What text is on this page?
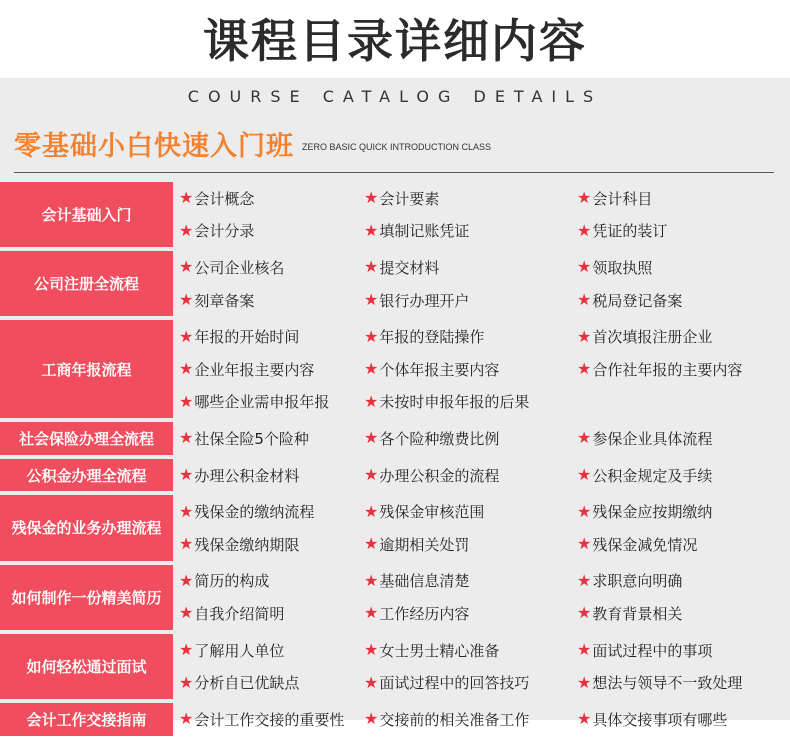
课程目录详细内容
COURSE CATALOG DETAILS
零基础小白快速入门班 ZERO BASIC QUICK INTRODUCTION CLASS
会计基础入门
★ 会计概念	★ 会计要素	★ 会计科目
★ 会计分录	★ 填制记账凭证	★ 凭证的装订
公司注册全流程
★ 公司企业核名	★ 提交材料	★ 领取执照
★ 刻章备案	★ 银行办理开户	★ 税局登记备案
工商年报流程
★ 年报的开始时间	★ 年报的登陆操作	★ 首次填报注册企业
★ 企业年报主要内容	★ 个体年报主要内容	★ 合作社年报的主要内容
★ 哪些企业需申报年报 ★ 未按时申报年报的后果
社会保险办理全流程	★ 社保全险5个险种	★ 各个险种缴费比例	★ 参保企业具体流程
公积金办理全流程	★ 办理公积金材料	★ 办理公积金的流程	★ 公积金规定及手续
残保金的业务办理流程
★ 残保金的缴纳流程	★ 残保金审核范围	★ 残保金应按期缴纳
★ 残保金缴纳期限	★ 逾期相关处罚	★ 残保金减免情况
如何制作一份精美简历
★ 简历的构成	★ 基础信息清楚	★ 求职意向明确
★ 自我介绍简明	★ 工作经历内容	★ 教育背景相关
如何轻松通过面试
★ 了解用人单位	★ 女士男士精心准备	★ 面试过程中的事项
★ 分析自已优缺点	★ 面试过程中的回答技巧	★ 想法与领导不一致处理
会计工作交接指南	★ 会计工作交接的重要性 ★ 交接前的相关准备工作	★ 具体交接事项有哪些
